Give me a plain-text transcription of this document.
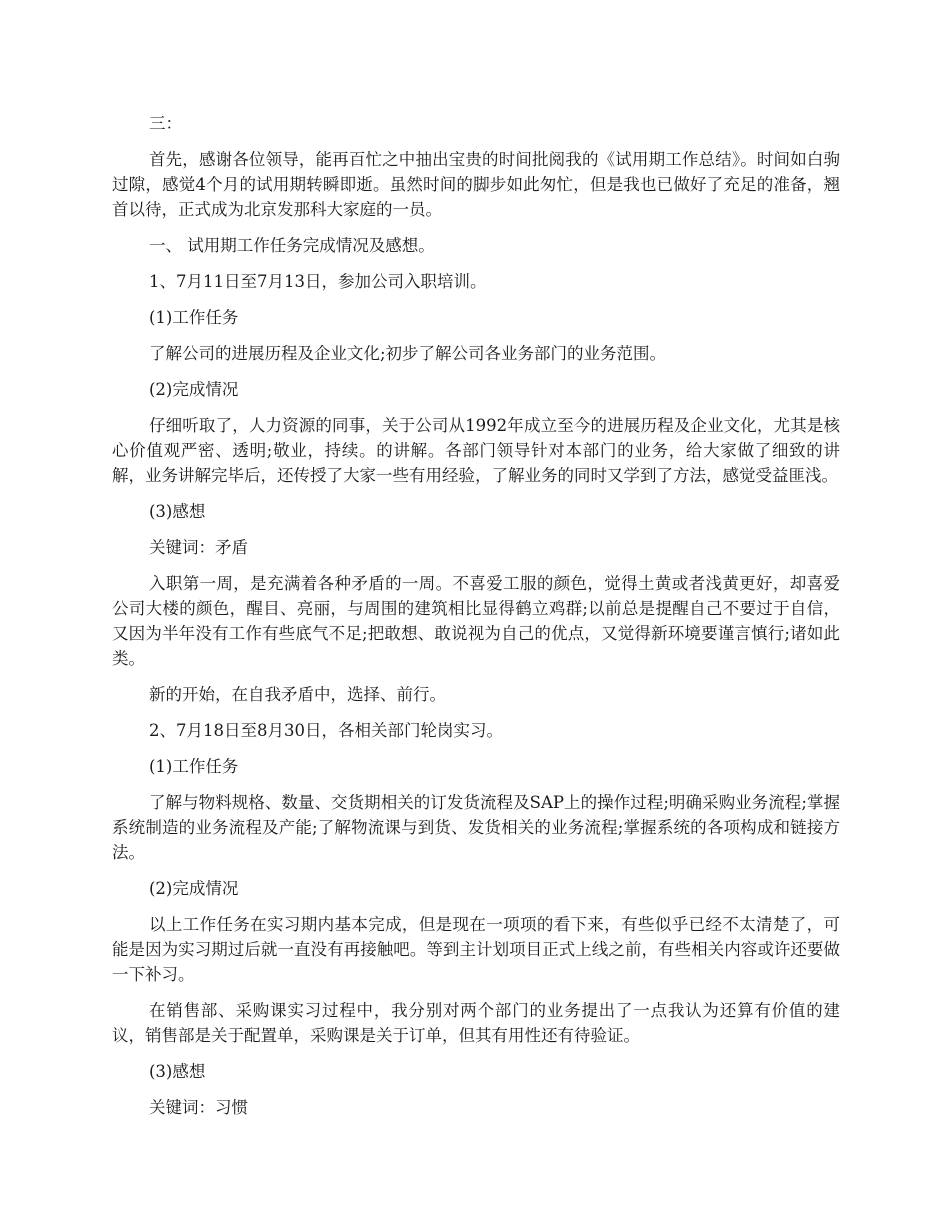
三：

首先，感谢各位领导，能再百忙之中抽出宝贵的时间批阅我的《试用期工作总结》。时间如白驹过隙，感觉4个月的试用期转瞬即逝。虽然时间的脚步如此匆忙，但是我也已做好了充足的准备，翘首以待，正式成为北京发那科大家庭的一员。

一、 试用期工作任务完成情况及感想。

1、7月11日至7月13日，参加公司入职培训。

(1)工作任务

了解公司的进展历程及企业文化;初步了解公司各业务部门的业务范围。

(2)完成情况

仔细听取了，人力资源的同事，关于公司从1992年成立至今的进展历程及企业文化，尤其是核心价值观严密、透明;敬业，持续。的讲解。各部门领导针对本部门的业务，给大家做了细致的讲解，业务讲解完毕后，还传授了大家一些有用经验，了解业务的同时又学到了方法，感觉受益匪浅。

(3)感想

关键词：矛盾

入职第一周，是充满着各种矛盾的一周。不喜爱工服的颜色，觉得土黄或者浅黄更好，却喜爱公司大楼的颜色，醒目、亮丽，与周围的建筑相比显得鹤立鸡群;以前总是提醒自己不要过于自信，又因为半年没有工作有些底气不足;把敢想、敢说视为自己的优点，又觉得新环境要谨言慎行;诸如此类。

新的开始，在自我矛盾中，选择、前行。

2、7月18日至8月30日，各相关部门轮岗实习。

(1)工作任务

了解与物料规格、数量、交货期相关的订发货流程及SAP上的操作过程;明确采购业务流程;掌握系统制造的业务流程及产能;了解物流课与到货、发货相关的业务流程;掌握系统的各项构成和链接方法。

(2)完成情况

以上工作任务在实习期内基本完成，但是现在一项项的看下来，有些似乎已经不太清楚了，可能是因为实习期过后就一直没有再接触吧。等到主计划项目正式上线之前，有些相关内容或许还要做一下补习。

在销售部、采购课实习过程中，我分别对两个部门的业务提出了一点我认为还算有价值的建议，销售部是关于配置单，采购课是关于订单，但其有用性还有待验证。

(3)感想

关键词：习惯
